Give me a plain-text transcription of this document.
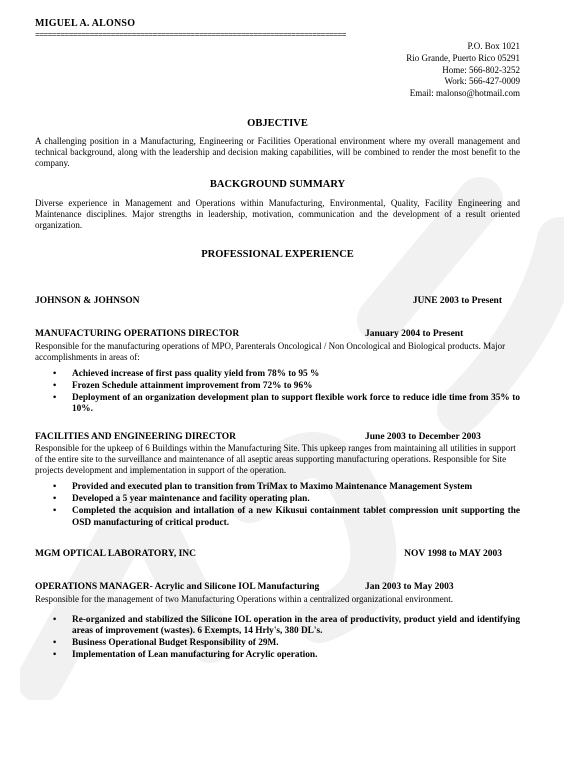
MIGUEL A. ALONSO
==========================================================================
P.O. Box 1021
Rio Grande, Puerto Rico 05291
Home: 566-802-3252
Work: 566-427-0009
Email: malonso@hotmail.com
OBJECTIVE
A challenging position in a Manufacturing, Engineering or Facilities Operational environment where my overall management and technical background, along with the leadership and decision making capabilities, will be combined to render the most benefit to the company.
BACKGROUND SUMMARY
Diverse experience in Management and Operations within Manufacturing, Environmental, Quality, Facility Engineering and Maintenance disciplines. Major strengths in leadership, motivation, communication and the development of a result oriented organization.
PROFESSIONAL EXPERIENCE
JOHNSON & JOHNSON	JUNE 2003 to Present
MANUFACTURING OPERATIONS DIRECTOR	January 2004 to Present
Responsible for the manufacturing operations of MPO, Parenterals Oncological / Non Oncological and Biological products. Major accomplishments in areas of:
• Achieved increase of first pass quality yield from 78% to 95 %
• Frozen Schedule attainment improvement from 72% to 96%
• Deployment of an organization development plan to support flexible work force to reduce idle time from 35% to 10%.
FACILITIES AND ENGINEERING DIRECTOR	June 2003 to December 2003
Responsible for the upkeep of 6 Buildings within the Manufacturing Site. This upkeep ranges from maintaining all utilities in support of the entire site to the surveillance and maintenance of all aseptic areas supporting manufacturing operations. Responsible for Site projects development and implementation in support of the operation.
• Provided and executed plan to transition from TriMax to Maximo Maintenance Management System
• Developed a 5 year maintenance and facility operating plan.
• Completed the acquision and intallation of a new Kikusui containment tablet compression unit supporting the OSD manufacturing of critical product.
MGM OPTICAL LABORATORY, INC	NOV 1998 to MAY 2003
OPERATIONS MANAGER- Acrylic and Silicone IOL Manufacturing	Jan 2003 to May 2003
Responsible for the management of two Manufacturing Operations within a centralized organizational environment.
• Re-organized and stabilized the Silicone IOL operation in the area of productivity, product yield and identifying areas of improvement (wastes). 6 Exempts, 14 Hrly's, 380 DL's.
• Business Operational Budget Responsibility of 29M.
• Implementation of Lean manufacturing for Acrylic operation.
